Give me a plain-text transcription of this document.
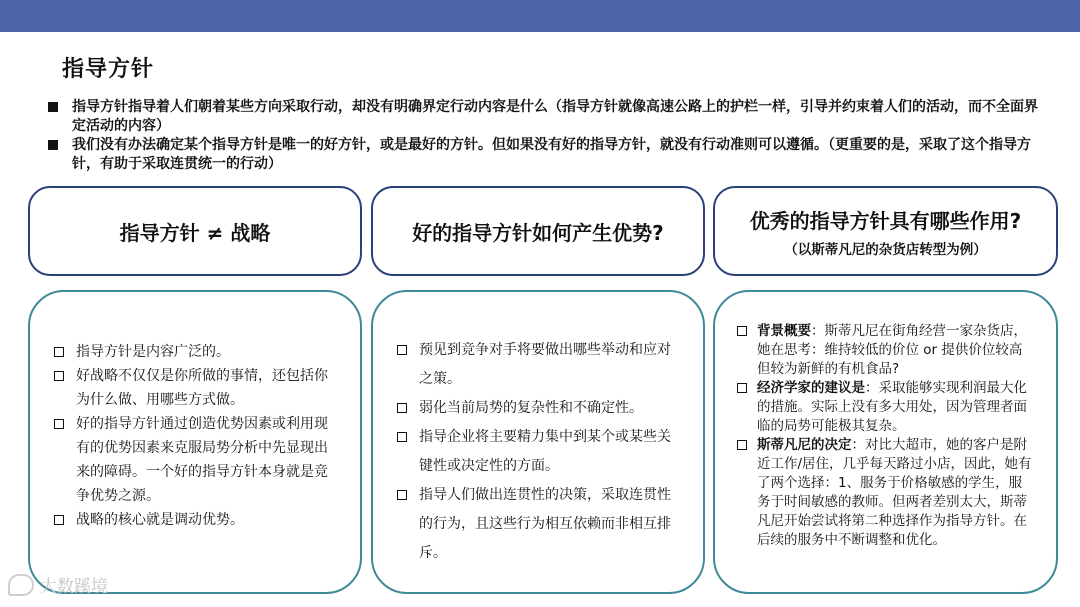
指导方针
指导方针指导着人们朝着某些方向采取行动，却没有明确界定行动内容是什么（指导方针就像高速公路上的护栏一样，引导并约束着人们的活动，而不全面界定活动的内容）
我们没有办法确定某个指导方针是唯一的好方针，或是最好的方针。但如果没有好的指导方针，就没有行动准则可以遵循。（更重要的是，采取了这个指导方针，有助于采取连贯统一的行动）
指导方针 ≠ 战略	好的指导方针如何产生优势?	优秀的指导方针具有哪些作用?
（以斯蒂凡尼的杂货店转型为例）
指导方针是内容广泛的。
好战略不仅仅是你所做的事情，还包括你为什么做、用哪些方式做。
好的指导方针通过创造优势因素或利用现有的优势因素来克服局势分析中先显现出来的障碍。一个好的指导方针本身就是竞争优势之源。
战略的核心就是调动优势。
预见到竞争对手将要做出哪些举动和应对之策。
弱化当前局势的复杂性和不确定性。
指导企业将主要精力集中到某个或某些关键性或决定性的方面。
指导人们做出连贯性的决策，采取连贯性的行为，且这些行为相互依赖而非相互排斥。
背景概要：斯蒂凡尼在街角经营一家杂货店，她在思考：维持较低的价位 or 提供价位较高但较为新鲜的有机食品?
经济学家的建议是：采取能够实现利润最大化的措施。实际上没有多大用处，因为管理者面临的局势可能极其复杂。
斯蒂凡尼的决定：对比大超市，她的客户是附近工作/居住，几乎每天路过小店，因此，她有了两个选择：1、服务于价格敏感的学生，服务于时间敏感的教师。但两者差别太大，斯蒂凡尼开始尝试将第二种选择作为指导方针。在后续的服务中不断调整和优化。
大数蹊境
